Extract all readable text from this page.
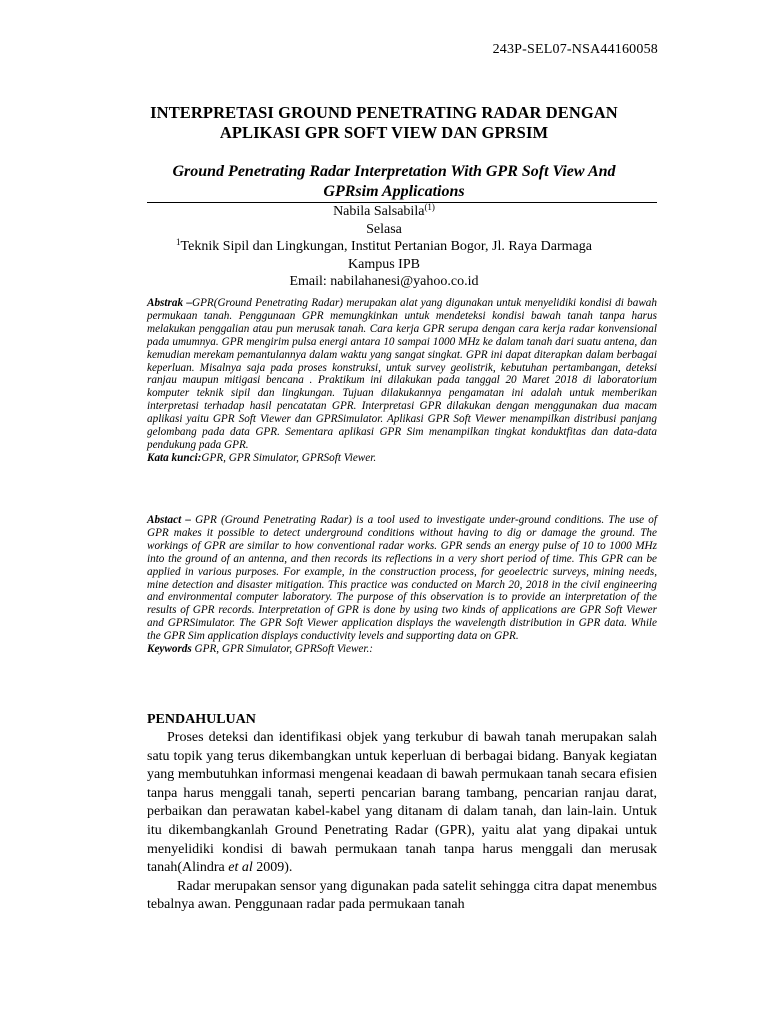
243P-SEL07-NSA44160058
INTERPRETASI GROUND PENETRATING RADAR DENGAN
APLIKASI GPR SOFT VIEW DAN GPRSIM
Ground Penetrating Radar Interpretation With GPR Soft View And
GPRsim Applications
Nabila Salsabila$^{(1)}$
Selasa
$^1$Teknik Sipil dan Lingkungan, Institut Pertanian Bogor, Jl. Raya Darmaga
Kampus IPB
Email: nabilahanesi@yahoo.co.id
Abstrak –GPR(Ground Penetrating Radar) merupakan alat yang digunakan untuk menyelidiki kondisi di bawah permukaan tanah. Penggunaan GPR memungkinkan untuk mendeteksi kondisi bawah tanah tanpa harus melakukan penggalian atau pun merusak tanah. Cara kerja GPR serupa dengan cara kerja radar konvensional pada umumnya. GPR mengirim pulsa energi antara 10 sampai 1000 MHz ke dalam tanah dari suatu antena, dan kemudian merekam pemantulannya dalam waktu yang sangat singkat. GPR ini dapat diterapkan dalam berbagai keperluan. Misalnya saja pada proses konstruksi, untuk survey geolistrik, kebutuhan pertambangan, deteksi ranjau maupun mitigasi bencana . Praktikum ini dilakukan pada tanggal 20 Maret 2018 di laboratorium komputer teknik sipil dan lingkungan. Tujuan dilakukannya pengamatan ini adalah untuk memberikan interpretasi terhadap hasil pencatatan GPR. Interpretasi GPR dilakukan dengan menggunakan dua macam aplikasi yaitu GPR Soft Viewer dan GPRSimulator. Aplikasi GPR Soft Viewer menampilkan distribusi panjang gelombang pada data GPR. Sementara aplikasi GPR Sim menampilkan tingkat konduktfitas dan data-data pendukung pada GPR.
Kata kunci:GPR, GPR Simulator, GPRSoft Viewer.
Abstact – GPR (Ground Penetrating Radar) is a tool used to investigate under-ground conditions. The use of GPR makes it possible to detect underground conditions without having to dig or damage the ground. The workings of GPR are similar to how conventional radar works. GPR sends an energy pulse of 10 to 1000 MHz into the ground of an antenna, and then records its reflections in a very short period of time. This GPR can be applied in various purposes. For example, in the construction process, for geoelectric surveys, mining needs, mine detection and disaster mitigation. This practice was conducted on March 20, 2018 in the civil engineering and environmental computer laboratory. The purpose of this observation is to provide an interpretation of the results of GPR records. Interpretation of GPR is done by using two kinds of applications are GPR Soft Viewer and GPRSimulator. The GPR Soft Viewer application displays the wavelength distribution in GPR data. While the GPR Sim application displays conductivity levels and supporting data on GPR.
Keywords GPR, GPR Simulator, GPRSoft Viewer.:
PENDAHULUAN

Proses deteksi dan identifikasi objek yang terkubur di bawah tanah merupakan salah satu topik yang terus dikembangkan untuk keperluan di berbagai bidang. Banyak kegiatan yang membutuhkan informasi mengenai keadaan di bawah permukaan tanah secara efisien tanpa harus menggali tanah, seperti pencarian barang tambang, pencarian ranjau darat, perbaikan dan perawatan kabel-kabel yang ditanam di dalam tanah, dan lain-lain. Untuk itu dikembangkanlah Ground Penetrating Radar (GPR), yaitu alat yang dipakai untuk menyelidiki kondisi di bawah permukaan tanah tanpa harus menggali dan merusak tanah(Alindra et al 2009).

Radar merupakan sensor yang digunakan pada satelit sehingga citra dapat menembus tebalnya awan. Penggunaan radar pada permukaan tanah
